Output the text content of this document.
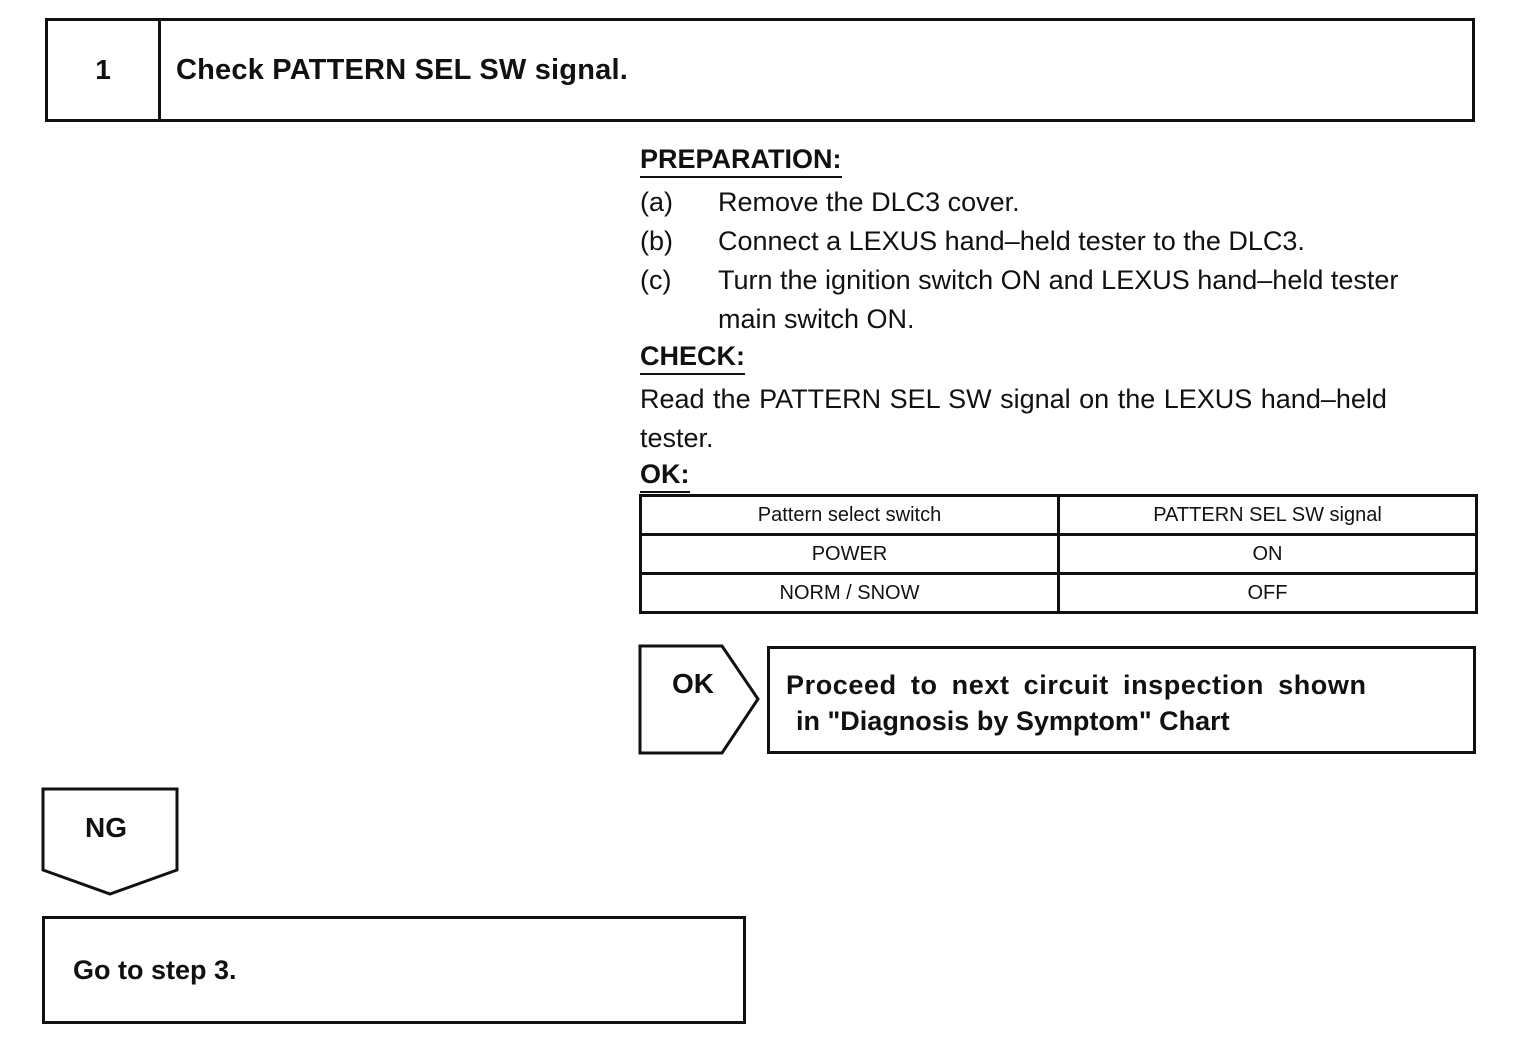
1	Check PATTERN SEL SW signal.
PREPARATION:
(a)	Remove the DLC3 cover.
(b)	Connect a LEXUS hand–held tester to the DLC3.
(c)	Turn the ignition switch ON and LEXUS hand–held tester
main switch ON.
CHECK:
Read the PATTERN SEL SW signal on the LEXUS hand–held
tester.
OK:
Pattern select switch	PATTERN SEL SW signal
POWER	ON
NORM / SNOW	OFF
OK	Proceed to next circuit inspection shown
in "Diagnosis by Symptom" Chart
NG
Go to step 3.
